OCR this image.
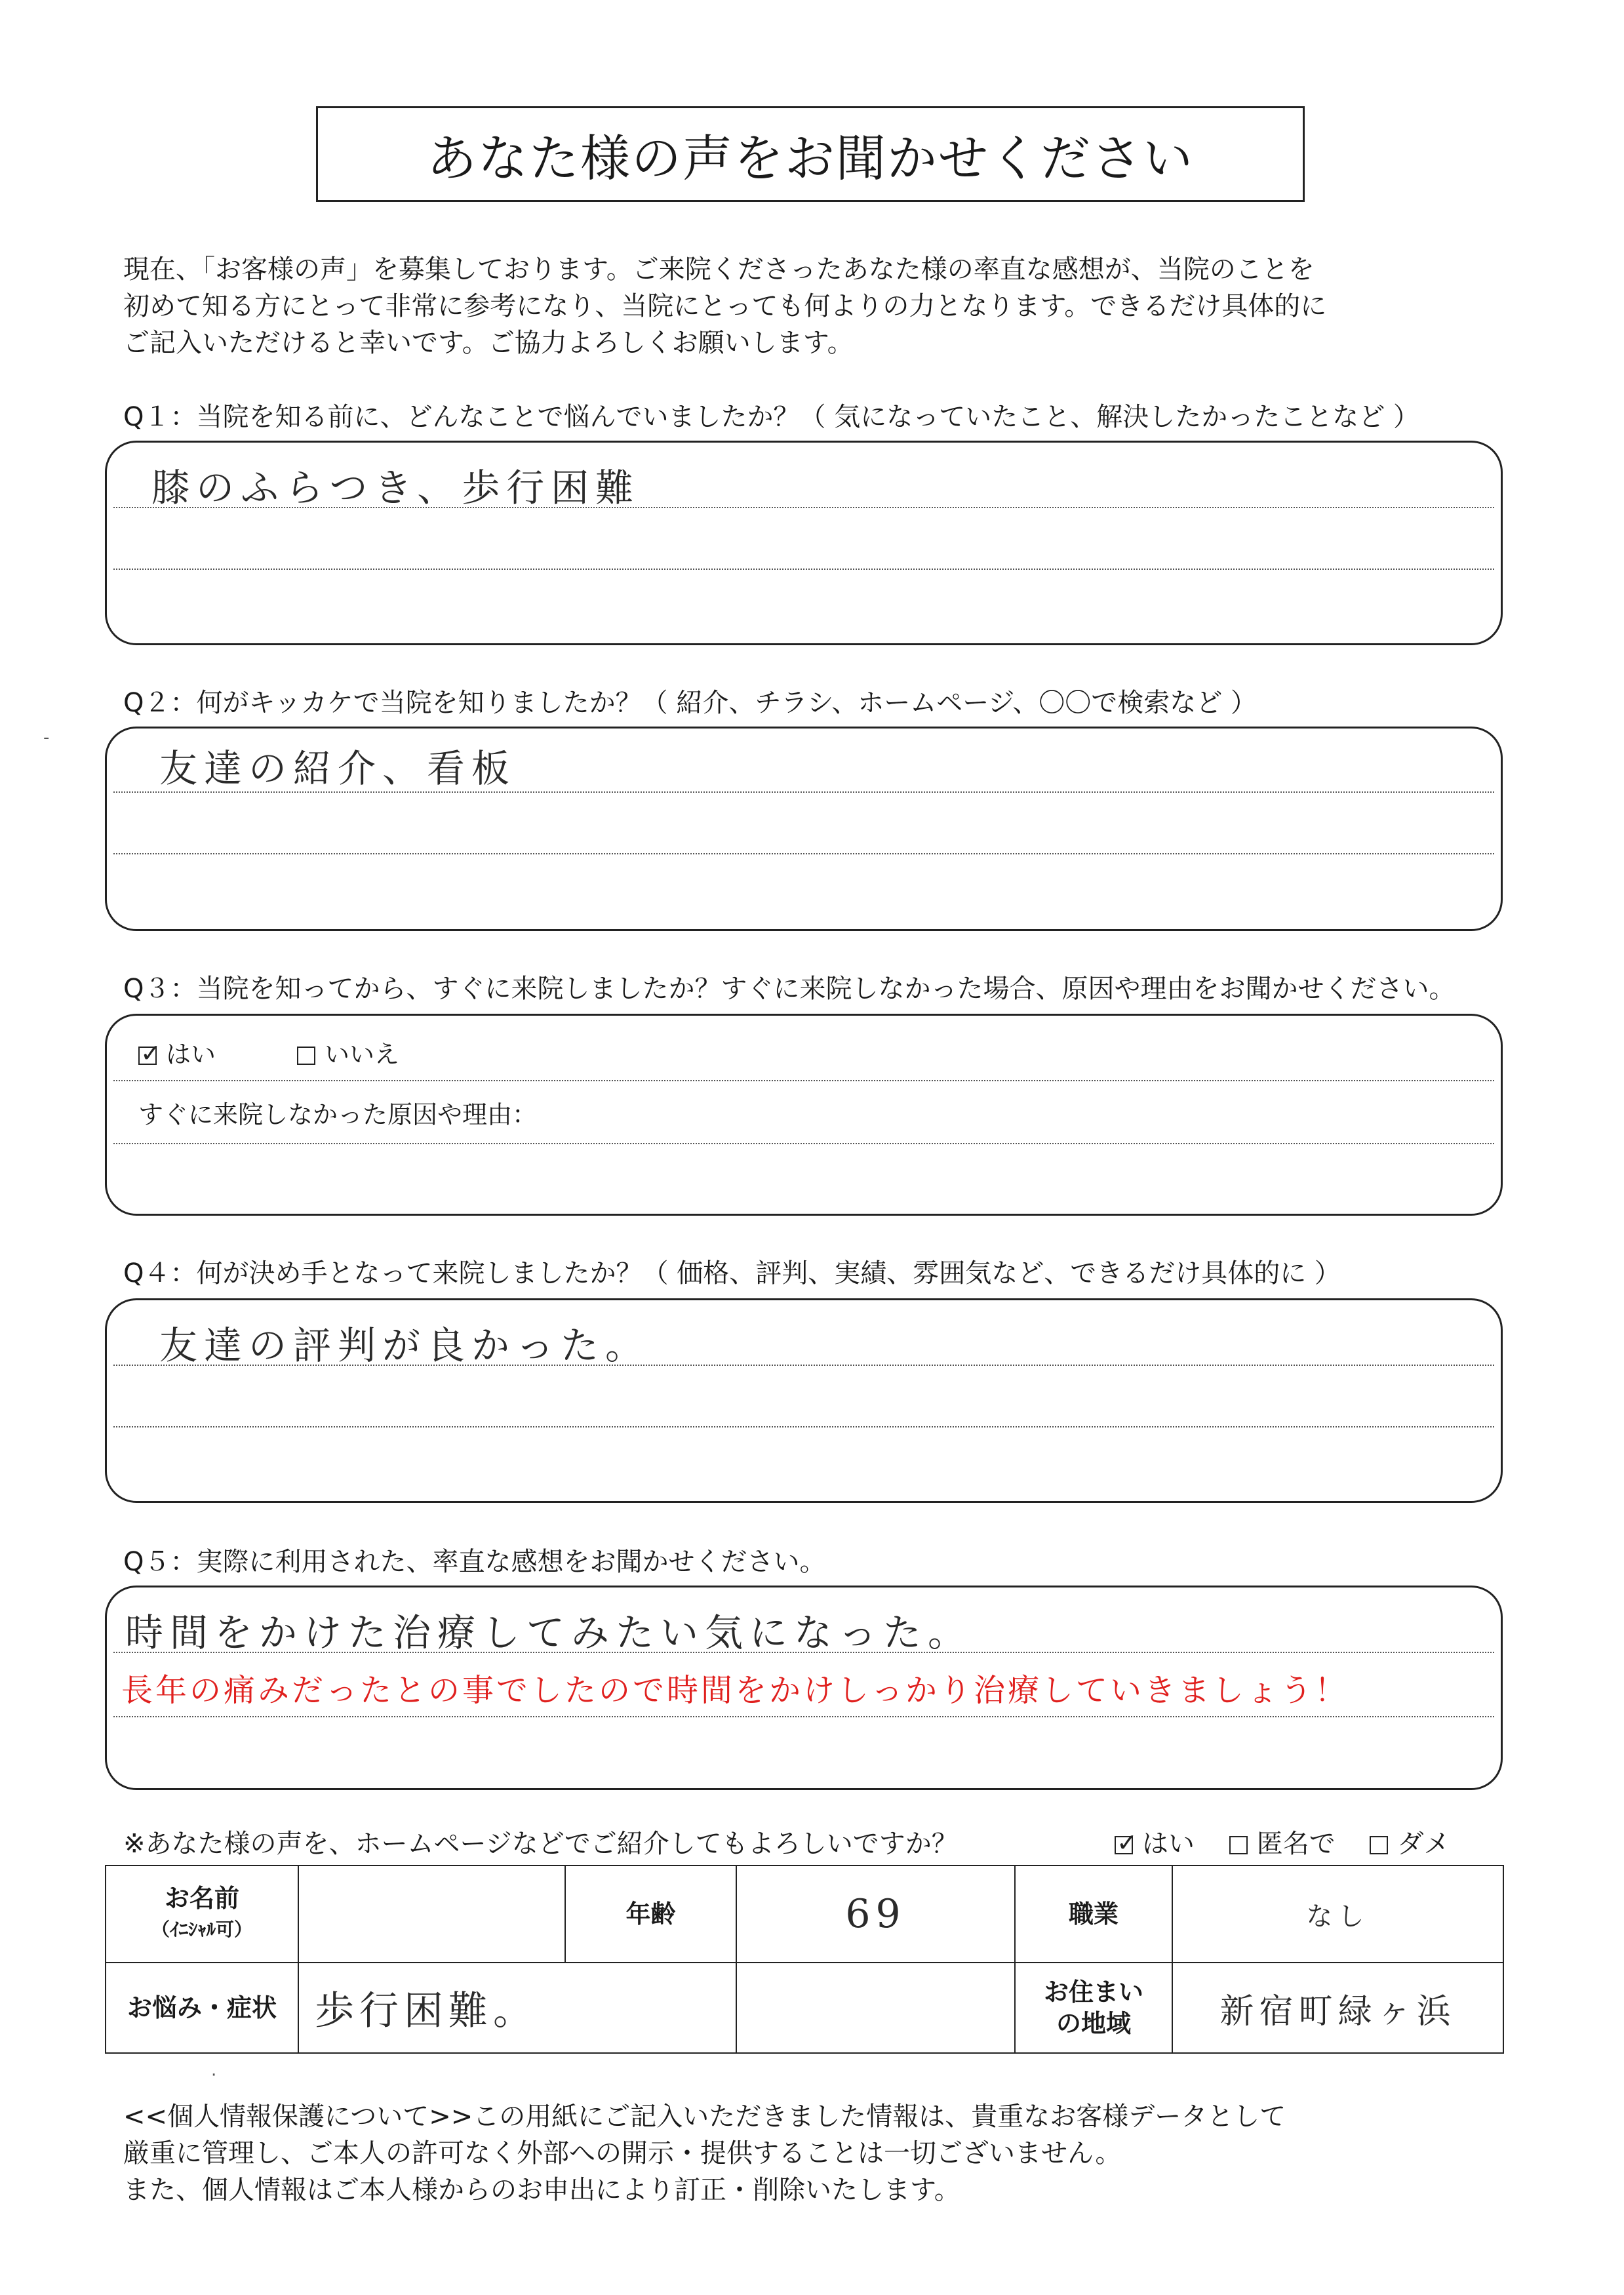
あなた様の声をお聞かせください
現在、「お客様の声」を募集しております。ご来院くださったあなた様の率直な感想が、当院のことを
初めて知る方にとって非常に参考になり、当院にとっても何よりの力となります。できるだけ具体的に
ご記入いただけると幸いです。ご協力よろしくお願いします。
Q１：当院を知る前に、どんなことで悩んでいましたか？（ 気になっていたこと、解決したかったことなど ）
膝のふらつき、歩行困難
Q２：何がキッカケで当院を知りましたか？（ 紹介、チラシ、ホームページ、〇〇で検索など ）
友達の紹介、看板
Q３：当院を知ってから、すぐに来院しましたか？すぐに来院しなかった場合、原因や理由をお聞かせください。
✓はい	いいえ
すぐに来院しなかった原因や理由：
Q４：何が決め手となって来院しましたか？（ 価格、評判、実績、雰囲気など、できるだけ具体的に ）
友達の評判が良かった。
Q５：実際に利用された、率直な感想をお聞かせください。
時間をかけた治療してみたい気になった。
長年の痛みだったとの事でしたので時間をかけしっかり治療していきましょう！
※あなた様の声を、ホームページなどでご紹介してもよろしいですか？ ✓	はい 匿名で ダメ
お名前
（ｲﾆｼｬﾙ可）		年齢	69	職業	なし
お悩み・症状	歩行困難。			お住まい
の地域	新宿町緑ヶ浜
<<個人情報保護について>>この用紙にご記入いただきました情報は、貴重なお客様データとして
厳重に管理し、ご本人の許可なく外部への開示・提供することは一切ございません。
また、個人情報はご本人様からのお申出により訂正・削除いたします。
-
·
